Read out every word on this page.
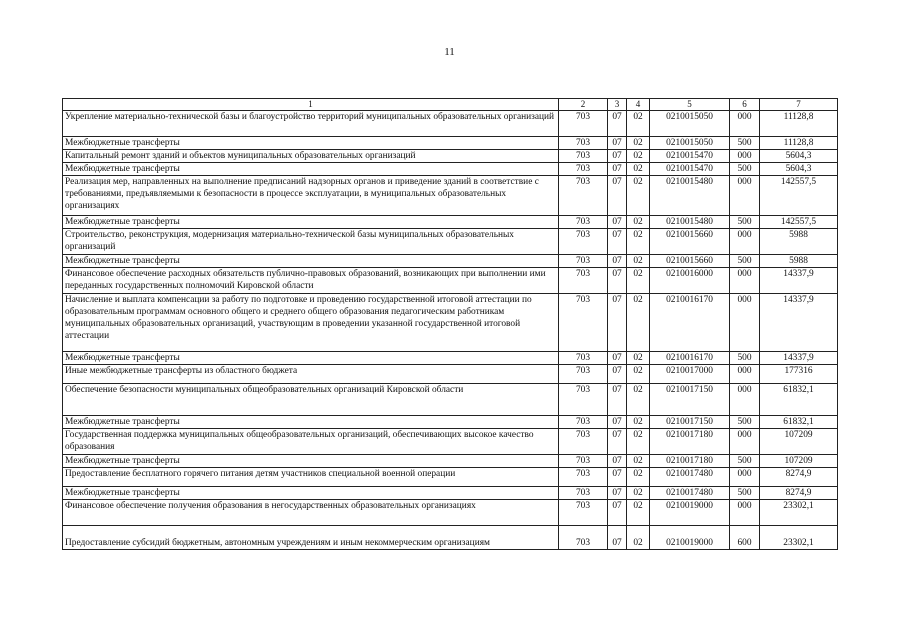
11
1	2	3	4	5	6	7
Укрепление материально-технической базы и благоустройство территорий муниципальных образовательных организаций	703	07	02	0210015050	000	11128,8
Межбюджетные трансферты	703	07	02	0210015050	500	11128,8
Капитальный ремонт зданий и объектов муниципальных образовательных организаций	703	07	02	0210015470	000	5604,3
Межбюджетные трансферты	703	07	02	0210015470	500	5604,3
Реализация мер, направленных на выполнение предписаний надзорных органов и приведение зданий в соответствие с требованиями, предъявляемыми к безопасности в процессе эксплуатации, в муниципальных образовательных организациях	703	07	02	0210015480	000	142557,5
Межбюджетные трансферты	703	07	02	0210015480	500	142557,5
Строительство, реконструкция, модернизация материально-технической базы муниципальных образовательных организаций	703	07	02	0210015660	000	5988
Межбюджетные трансферты	703	07	02	0210015660	500	5988
Финансовое обеспечение расходных обязательств публично-правовых образований, возникающих при выполнении ими переданных государственных полномочий Кировской области	703	07	02	0210016000	000	14337,9
Начисление и выплата компенсации за работу по подготовке и проведению государственной итоговой аттестации по образовательным программам основного общего и среднего общего образования педагогическим работникам муниципальных образовательных организаций, участвующим в проведении указанной государственной итоговой аттестации	703	07	02	0210016170	000	14337,9
Межбюджетные трансферты	703	07	02	0210016170	500	14337,9
Иные межбюджетные трансферты из областного бюджета	703	07	02	0210017000	000	177316
Обеспечение безопасности муниципальных общеобразовательных организаций Кировской области	703	07	02	0210017150	000	61832,1
Межбюджетные трансферты	703	07	02	0210017150	500	61832,1
Государственная поддержка муниципальных общеобразовательных организаций, обеспечивающих высокое качество образования	703	07	02	0210017180	000	107209
Межбюджетные трансферты	703	07	02	0210017180	500	107209
Предоставление бесплатного горячего питания детям участников специальной военной операции	703	07	02	0210017480	000	8274,9
Межбюджетные трансферты	703	07	02	0210017480	500	8274,9
Финансовое обеспечение получения образования в негосударственных образовательных организациях	703	07	02	0210019000	000	23302,1
Предоставление субсидий бюджетным, автономным учреждениям и иным некоммерческим организациям	703	07	02	0210019000	600	23302,1
